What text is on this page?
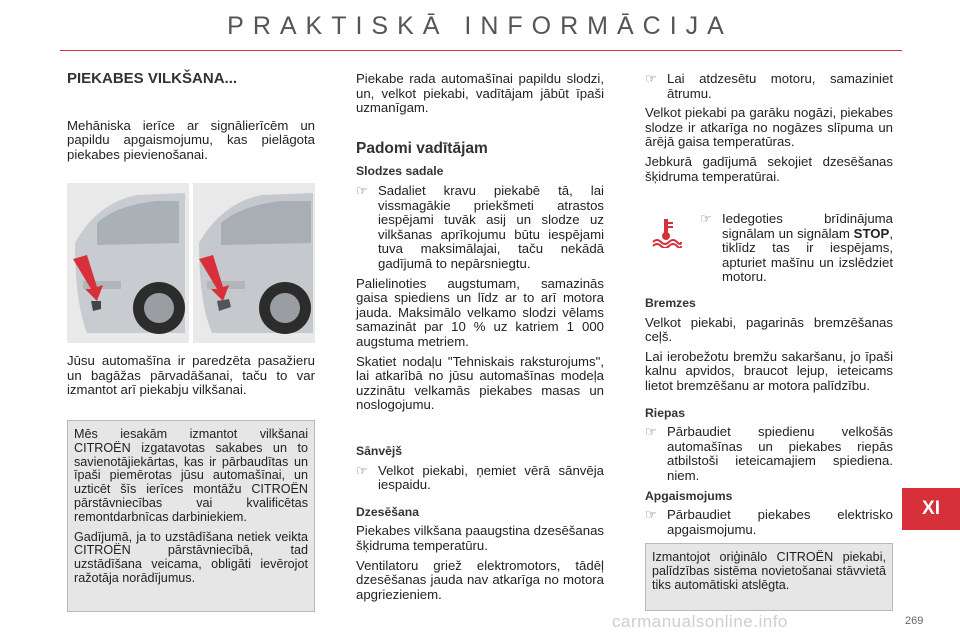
PRAKTISKĀ INFORMĀCIJA
PIEKABES VILKŠANA...

Mehāniska ierīce ar signālierīcēm un papildu apgaismojumu, kas pielāgota piekabes pievienošanai.

Jūsu automašīna ir paredzēta pasažieru un bagāžas pārvadāšanai, taču to var izmantot arī piekabju vilkšanai.

Mēs iesakām izmantot vilkšanai CITROËN izgatavotas sakabes un to savienotājiekārtas, kas ir pārbaudītas un īpaši piemērotas jūsu automašīnai, un uzticēt šīs ierīces montāžu CITROËN pārstāvniecības vai kvalificētas remontdarbnīcas darbiniekiem.

Gadījumā, ja to uzstādīšana netiek veikta CITROËN pārstāvniecībā, tad uzstādīšana veicama, obligāti ievērojot ražotāja norādījumus.

Piekabe rada automašīnai papildu slodzi, un, velkot piekabi, vadītājam jābūt īpaši uzmanīgam.

Padomi vadītājam
Slodzes sadale
☞ Sadaliet kravu piekabē tā, lai vissmagākie priekšmeti atrastos iespējami tuvāk asij un slodze uz vilkšanas aprīkojumu būtu iespējami tuva maksimālajai, taču nekādā gadījumā to nepārsniegtu.

Palielinoties augstumam, samazinās gaisa spiediens un līdz ar to arī motora jauda. Maksimālo velkamo slodzi vēlams samazināt par 10 % uz katriem 1 000 augstuma metriem.

Skatiet nodaļu "Tehniskais raksturojums", lai atkarībā no jūsu automašīnas modeļa uzzinātu velkamās piekabes masas un noslogojumu.

Sānvējš
☞ Velkot piekabi, ņemiet vērā sānvēja iespaidu.
Dzesēšana

Piekabes vilkšana paaugstina dzesēšanas šķidruma temperatūru.

Ventilatoru griež elektromotors, tādēļ dzesēšanas jauda nav atkarīga no motora apgriezieniem.

☞ Lai atdzesētu motoru, samaziniet ātrumu.

Velkot piekabi pa garāku nogāzi, piekabes slodze ir atkarīga no nogāzes slīpuma un ārējā gaisa temperatūras.

Jebkurā gadījumā sekojiet dzesēšanas šķidruma temperatūrai.

☞ Iedegoties brīdinājuma signālam un signālam STOP, tiklīdz tas ir iespējams, apturiet mašīnu un izslēdziet motoru.
Bremzes

Velkot piekabi, pagarinās bremzēšanas ceļš.

Lai ierobežotu bremžu sakaršanu, jo īpaši kalnu apvidos, braucot lejup, ieteicams lietot bremzēšanu ar motora palīdzību.

Riepas
☞ Pārbaudiet spiedienu velkošās automašīnas un piekabes riepās atbilstoši ieteicamajiem spiediena. niem.
Apgaismojums
☞ Pārbaudiet piekabes elektrisko apgaismojumu.

Izmantojot oriģinālo CITROËN piekabi, palīdzības sistēma novietošanai stāvvietā tiks automātiski atslēgta.

XI
269
carmanualsonline.info
